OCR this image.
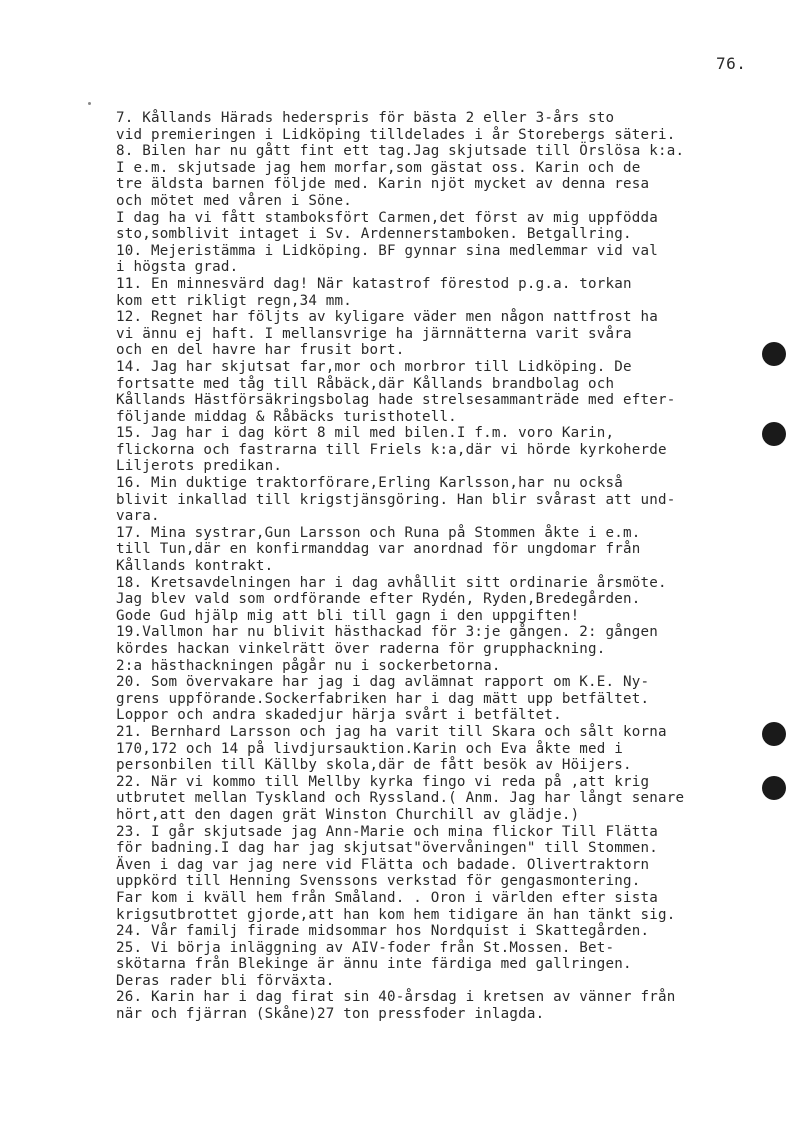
76.
7. Kållands Härads hederspris för bästa 2 eller 3-års sto
vid premieringen i Lidköping tilldelades i år Storebergs säteri.
8. Bilen har nu gått fint ett tag.Jag skjutsade till Örslösa k:a.
I e.m. skjutsade jag hem morfar,som gästat oss. Karin och de
tre äldsta barnen följde med. Karin njöt mycket av denna resa
och mötet med våren i Söne.
I dag ha vi fått stamboksfört Carmen,det först av mig uppfödda
sto,somblivit intaget i Sv. Ardennerstamboken. Betgallring.
10. Mejeristämma i Lidköping. BF gynnar sina medlemmar vid val
i högsta grad.
11. En minnesvärd dag! När katastrof förestod p.g.a. torkan
kom ett rikligt regn,34 mm.
12. Regnet har följts av kyligare väder men någon nattfrost ha
vi ännu ej haft. I mellansvrige ha järnnätterna varit svåra
och en del havre har frusit bort.
14. Jag har skjutsat far,mor och morbror till Lidköping. De
fortsatte med tåg till Råbäck,där Kållands brandbolag och
Kållands Hästförsäkringsbolag hade strelsesammanträde med efter-
följande middag & Råbäcks turisthotell.
15. Jag har i dag kört 8 mil med bilen.I f.m. voro Karin,
flickorna och fastrarna till Friels k:a,där vi hörde kyrkoherde
Liljerots predikan.
16. Min duktige traktorförare,Erling Karlsson,har nu också
blivit inkallad till krigstjänsgöring. Han blir svårast att und-
vara.
17. Mina systrar,Gun Larsson och Runa på Stommen åkte i e.m.
till Tun,där en konfirmanddag var anordnad för ungdomar från
Kållands kontrakt.
18. Kretsavdelningen har i dag avhållit sitt ordinarie årsmöte.
Jag blev vald som ordförande efter Rydén, Ryden,Bredegården.
Gode Gud hjälp mig att bli till gagn i den uppgiften!
19.Vallmon har nu blivit hästhackad för 3:je gången. 2: gången
kördes hackan vinkelrätt över raderna för grupphackning.
2:a hästhackningen pågår nu i sockerbetorna.
20. Som övervakare har jag i dag avlämnat rapport om K.E. Ny-
grens uppförande.Sockerfabriken har i dag mätt upp betfältet.
Loppor och andra skadedjur härja svårt i betfältet.
21. Bernhard Larsson och jag ha varit till Skara och sålt korna
170,172 och 14 på livdjursauktion.Karin och Eva åkte med i
personbilen till Källby skola,där de fått besök av Höijers.
22. När vi kommo till Mellby kyrka fingo vi reda på ,att krig
utbrutet mellan Tyskland och Ryssland.( Anm. Jag har långt senare
hört,att den dagen grät Winston Churchill av glädje.)
23. I går skjutsade jag Ann-Marie och mina flickor Till Flätta
för badning.I dag har jag skjutsat"övervåningen" till Stommen.
Även i dag var jag nere vid Flätta och badade. Olivertraktorn
uppkörd till Henning Svenssons verkstad för gengasmontering.
Far kom i kväll hem från Småland. . Oron i världen efter sista
krigsutbrottet gjorde,att han kom hem tidigare än han tänkt sig.
24. Vår familj firade midsommar hos Nordquist i Skattegården.
25. Vi börja inläggning av AIV-foder från St.Mossen. Bet-
skötarna från Blekinge är ännu inte färdiga med gallringen.
Deras rader bli förväxta.
26. Karin har i dag firat sin 40-årsdag i kretsen av vänner från
när och fjärran (Skåne)27 ton pressfoder inlagda.
